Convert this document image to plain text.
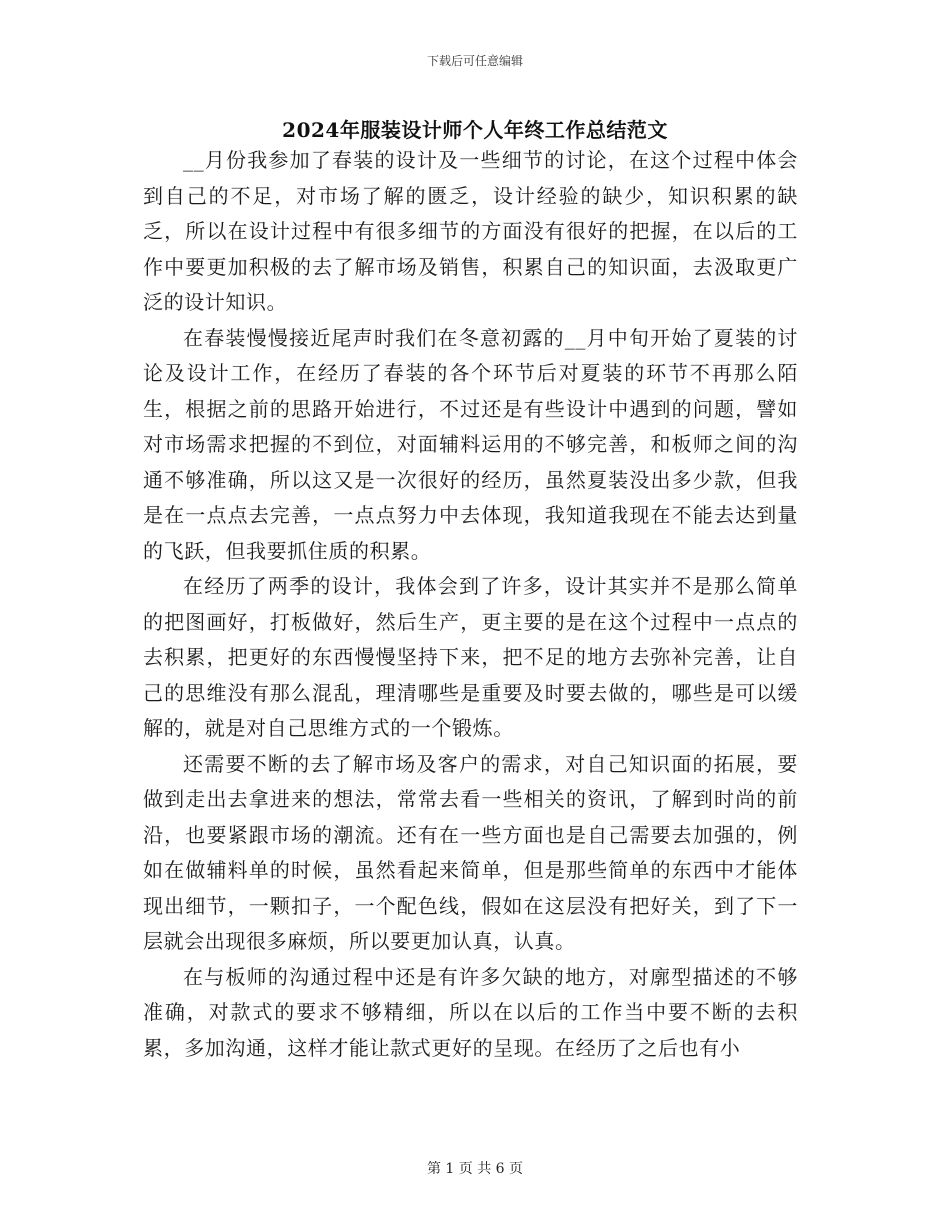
下载后可任意编辑
2024年服装设计师个人年终工作总结范文

__月份我参加了春装的设计及一些细节的讨论，在这个过程中体会到自己的不足，对市场了解的匮乏，设计经验的缺少，知识积累的缺乏，所以在设计过程中有很多细节的方面没有很好的把握，在以后的工作中要更加积极的去了解市场及销售，积累自己的知识面，去汲取更广泛的设计知识。

在春装慢慢接近尾声时我们在冬意初露的__月中旬开始了夏装的讨论及设计工作，在经历了春装的各个环节后对夏装的环节不再那么陌生，根据之前的思路开始进行，不过还是有些设计中遇到的问题，譬如对市场需求把握的不到位，对面辅料运用的不够完善，和板师之间的沟通不够准确，所以这又是一次很好的经历，虽然夏装没出多少款，但我是在一点点去完善，一点点努力中去体现，我知道我现在不能去达到量的飞跃，但我要抓住质的积累。

在经历了两季的设计，我体会到了许多，设计其实并不是那么简单的把图画好，打板做好，然后生产，更主要的是在这个过程中一点点的去积累，把更好的东西慢慢坚持下来，把不足的地方去弥补完善，让自己的思维没有那么混乱，理清哪些是重要及时要去做的，哪些是可以缓解的，就是对自己思维方式的一个锻炼。

还需要不断的去了解市场及客户的需求，对自己知识面的拓展，要做到走出去拿进来的想法，常常去看一些相关的资讯，了解到时尚的前沿，也要紧跟市场的潮流。还有在一些方面也是自己需要去加强的，例如在做辅料单的时候，虽然看起来简单，但是那些简单的东西中才能体现出细节，一颗扣子，一个配色线，假如在这层没有把好关，到了下一层就会出现很多麻烦，所以要更加认真，认真。

在与板师的沟通过程中还是有许多欠缺的地方，对廓型描述的不够准确，对款式的要求不够精细，所以在以后的工作当中要不断的去积累，多加沟通，这样才能让款式更好的呈现。在经历了之后也有小

第 1 页 共 6 页
